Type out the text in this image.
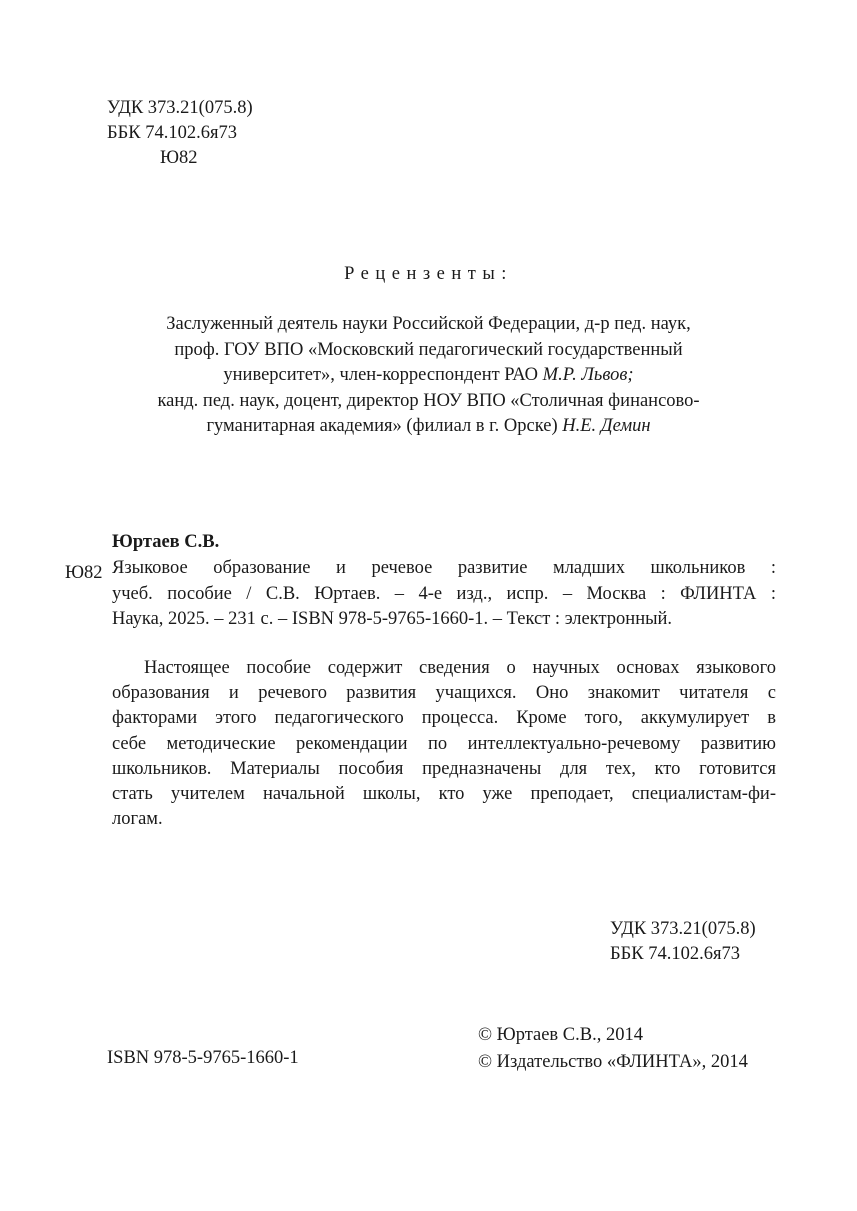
УДК 373.21(075.8)
ББК 74.102.6я73
Ю82
Рецензенты:
Заслуженный деятель науки Российской Федерации, д-р пед. наук,
проф. ГОУ ВПО «Московский педагогический государственный
университет», член-корреспондент РАО М.Р. Львов;
канд. пед. наук, доцент, директор НОУ ВПО «Столичная финансово-
гуманитарная академия» (филиал в г. Орске) Н.Е. Демин
Юртаев С.В.
Ю82 Языковое образование и речевое развитие младших школьников :
учеб. пособие / С.В. Юртаев. – 4-е изд., испр. – Москва : ФЛИНТА :
Наука, 2025. – 231 с. – ISBN 978-5-9765-1660-1. – Текст : электронный.
Настоящее пособие содержит сведения о научных основах языкового
образования и речевого развития учащихся. Оно знакомит читателя с
факторами этого педагогического процесса. Кроме того, аккумулирует в
себе методические рекомендации по интеллектуально-речевому развитию
школьников. Материалы пособия предназначены для тех, кто готовится
стать учителем начальной школы, кто уже преподает, специалистам-фи-
логам.
УДК 373.21(075.8)
ББК 74.102.6я73
ISBN 978-5-9765-1660-1
© Юртаев С.В., 2014
© Издательство «ФЛИНТА», 2014
